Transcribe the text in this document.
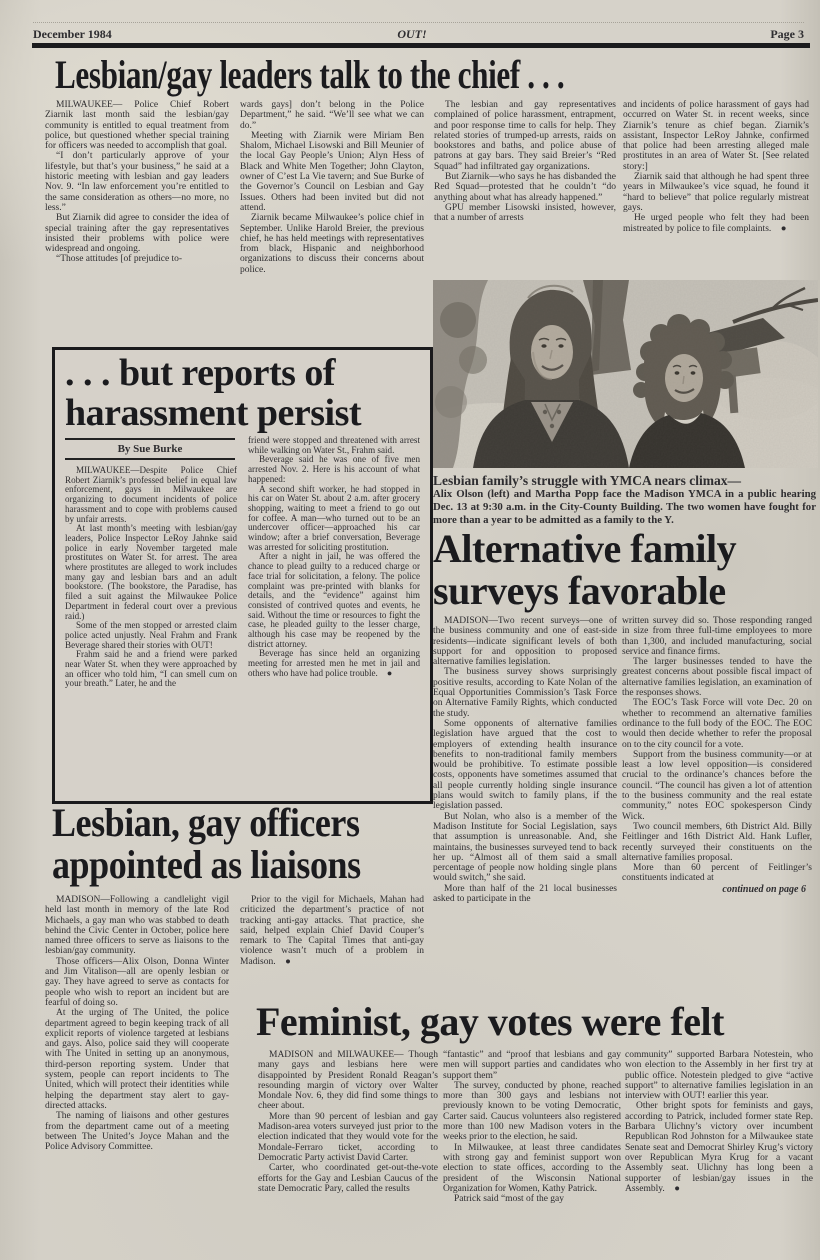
December 1984	OUT!	Page 3
Lesbian/gay leaders talk to the chief . . .

MILWAUKEE— Police Chief Robert Ziarnik last month said the lesbian/gay community is entitled to equal treatment from police, but questioned whether special training for officers was needed to accomplish that goal.

“I don’t particularly approve of your lifestyle, but that’s your business,” he said at a historic meeting with lesbian and gay leaders Nov. 9. “In law enforcement you’re entitled to the same consideration as others—no more, no less.”

But Ziarnik did agree to consider the idea of special training after the gay representatives insisted their problems with police were widespread and ongoing.

“Those attitudes [of prejudice to-

wards gays] don’t belong in the Police Department,” he said. “We’ll see what we can do.”

Meeting with Ziarnik were Miriam Ben Shalom, Michael Lisowski and Bill Meunier of the local Gay People’s Union; Alyn Hess of Black and White Men Together; John Clayton, owner of C’est La Vie tavern; and Sue Burke of the Governor’s Council on Lesbian and Gay Issues. Others had been invited but did not attend.

Ziarnik became Milwaukee’s police chief in September. Unlike Harold Breier, the previous chief, he has held meetings with representatives from black, Hispanic and neighborhood organizations to discuss their concerns about police.

The lesbian and gay representatives complained of police harassment, entrapment, and poor response time to calls for help. They related stories of trumped-up arrests, raids on bookstores and baths, and police abuse of patrons at gay bars. They said Breier’s “Red Squad” had infiltrated gay organizations.

But Ziarnik—who says he has disbanded the Red Squad—protested that he couldn’t “do anything about what has already happened.”

GPU member Lisowski insisted, however, that a number of arrests

and incidents of police harassment of gays had occurred on Water St. in recent weeks, since Ziarnik’s tenure as chief began. Ziarnik’s assistant, Inspector LeRoy Jahnke, confirmed that police had been arresting alleged male prostitutes in an area of Water St. [See related story:]

Ziarnik said that although he had spent three years in Milwaukee’s vice squad, he found it “hard to believe” that police regularly mistreat gays.

He urged people who felt they had been mistreated by police to file complaints. ●

. . . but reports of
harassment persist
By Sue Burke

MILWAUKEE—Despite Police Chief Robert Ziarnik’s professed belief in equal law enforcement, gays in Milwaukee are organizing to document incidents of police harassment and to cope with problems caused by unfair arrests.

At last month’s meeting with lesbian/gay leaders, Police Inspector LeRoy Jahnke said police in early November targeted male prostitutes on Water St. for arrest. The area where prostitutes are alleged to work includes many gay and lesbian bars and an adult bookstore. (The bookstore, the Paradise, has filed a suit against the Milwaukee Police Department in federal court over a previous raid.)

Some of the men stopped or arrested claim police acted unjustly. Neal Frahm and Frank Beverage shared their stories with OUT!

Frahm said he and a friend were parked near Water St. when they were approached by an officer who told him, “I can smell cum on your breath.” Later, he and the

friend were stopped and threatened with arrest while walking on Water St., Frahm said.

Beverage said he was one of five men arrested Nov. 2. Here is his account of what happened:

A second shift worker, he had stopped in his car on Water St. about 2 a.m. after grocery shopping, waiting to meet a friend to go out for coffee. A man—who turned out to be an undercover officer—approached his car window; after a brief conversation, Beverage was arrested for soliciting prostitution.

After a night in jail, he was offered the chance to plead guilty to a reduced charge or face trial for solicitation, a felony. The police complaint was pre-printed with blanks for details, and the “evidence” against him consisted of contrived quotes and events, he said. Without the time or resources to fight the case, he pleaded guilty to the lesser charge, although his case may be reopened by the district attorney.

Beverage has since held an organizing meeting for arrested men he met in jail and others who have had police trouble. ●

Lesbian family’s struggle with YMCA nears climax—
Alix Olson (left) and Martha Popp face the Madison YMCA in a public hearing Dec. 13 at 9:30 a.m. in the City-County Building. The two women have fought for more than a year to be admitted as a family to the Y.
Alternative family
surveys favorable

MADISON—Two recent surveys—one of the business community and one of east-side residents—indicate significant levels of both support for and opposition to proposed alternative families legislation.

The business survey shows surprisingly positive results, according to Kate Nolan of the Equal Opportunities Commission’s Task Force on Alternative Family Rights, which conducted the study.

Some opponents of alternative families legislation have argued that the cost to employers of extending health insurance benefits to non-traditional family members would be prohibitive. To estimate possible costs, opponents have sometimes assumed that all people currently holding single insurance plans would switch to family plans, if the legislation passed.

But Nolan, who also is a member of the Madison Institute for Social Legislation, says that assumption is unreasonable. And, she maintains, the businesses surveyed tend to back her up. “Almost all of them said a small percentage of people now holding single plans would switch,” she said.

More than half of the 21 local businesses asked to participate in the

written survey did so. Those responding ranged in size from three full-time employees to more than 1,300, and included manufacturing, social service and finance firms.

The larger businesses tended to have the greatest concerns about possible fiscal impact of alternative families legislation, an examination of the responses shows.

The EOC’s Task Force will vote Dec. 20 on whether to recommend an alternative families ordinance to the full body of the EOC. The EOC would then decide whether to refer the proposal on to the city council for a vote.

Support from the business community—or at least a low level opposition—is considered crucial to the ordinance’s chances before the council. “The council has given a lot of attention to the business community and the real estate community,” notes EOC spokesperson Cindy Wick.

Two council members, 6th District Ald. Billy Feitlinger and 16th District Ald. Hank Lufler, recently surveyed their constituents on the alternative families proposal.

More than 60 percent of Feitlinger’s constituents indicated at

continued on page 6
Lesbian, gay officers
appointed as liaisons

MADISON—Following a candlelight vigil held last month in memory of the late Rod Michaels, a gay man who was stabbed to death behind the Civic Center in October, police here named three officers to serve as liaisons to the lesbian/gay community.

Those officers—Alix Olson, Donna Winter and Jim Vitalison—all are openly lesbian or gay. They have agreed to serve as contacts for people who wish to report an incident but are fearful of doing so.

At the urging of The United, the police department agreed to begin keeping track of all explicit reports of violence targeted at lesbians and gays. Also, police said they will cooperate with The United in setting up an anonymous, third-person reporting system. Under that system, people can report incidents to The United, which will protect their identities while helping the department stay alert to gay-directed attacks.

The naming of liaisons and other gestures from the department came out of a meeting between The United’s Joyce Mahan and the Police Advisory Committee.

Prior to the vigil for Michaels, Mahan had criticized the department’s practice of not tracking anti-gay attacks. That practice, she said, helped explain Chief David Couper’s remark to The Capital Times that anti-gay violence wasn’t much of a problem in Madison. ●

Feminist, gay votes were felt

MADISON and MILWAUKEE— Though many gays and lesbians here were disappointed by President Ronald Reagan’s resounding margin of victory over Walter Mondale Nov. 6, they did find some things to cheer about.

More than 90 percent of lesbian and gay Madison-area voters surveyed just prior to the election indicated that they would vote for the Mondale-Ferraro ticket, according to Democratic Party activist David Carter.

Carter, who coordinated get-out-the-vote efforts for the Gay and Lesbian Caucus of the state Democratic Pary, called the results

“fantastic” and “proof that lesbians and gay men will support parties and candidates who support them”

The survey, conducted by phone, reached more than 300 gays and lesbians not previously known to be voting Democratic, Carter said. Caucus volunteers also registered more than 100 new Madison voters in the weeks prior to the election, he said.

In Milwaukee, at least three candidates with strong gay and feminist support won election to state offices, according to the president of the Wisconsin National Organization for Women, Kathy Patrick.

Patrick said “most of the gay

community” supported Barbara Notestein, who won election to the Assembly in her first try at public office. Notestein pledged to give “active support” to alternative families legislation in an interview with OUT! earlier this year.

Other bright spots for feminists and gays, according to Patrick, included former state Rep. Barbara Ulichny’s victory over incumbent Republican Rod Johnston for a Milwaukee state Senate seat and Democrat Shirley Krug’s victory over Republican Myra Krug for a vacant Assembly seat. Ulichny has long been a supporter of lesbian/gay issues in the Assembly. ●
